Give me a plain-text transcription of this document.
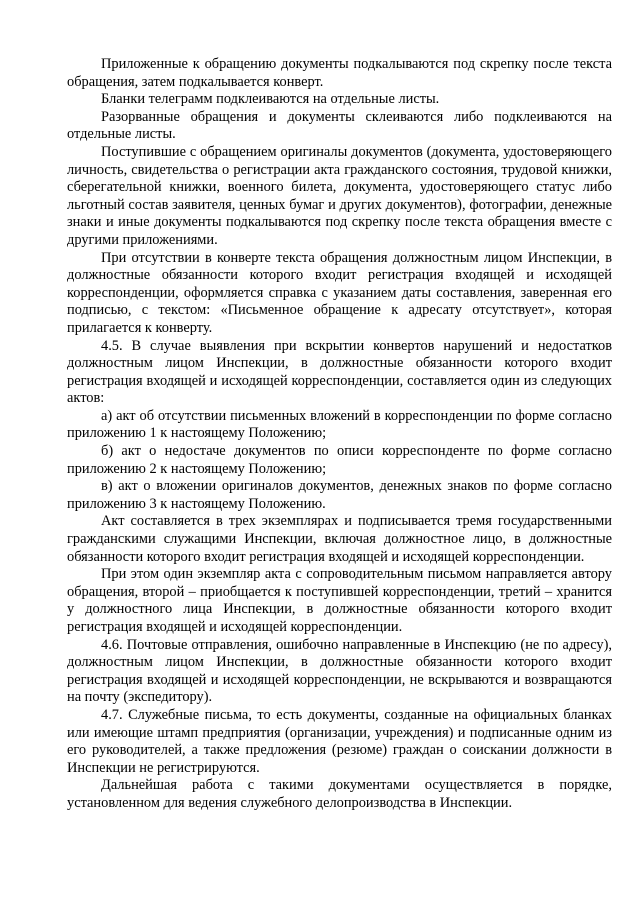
Приложенные к обращению документы подкалываются под скрепку после текста обращения, затем подкалывается конверт.

Бланки телеграмм подклеиваются на отдельные листы.

Разорванные обращения и документы склеиваются либо подклеиваются на отдельные листы.

Поступившие с обращением оригиналы документов (документа, удостоверяющего личность, свидетельства о регистрации акта гражданского состояния, трудовой книжки, сберегательной книжки, военного билета, документа, удостоверяющего статус либо льготный состав заявителя, ценных бумаг и других документов), фотографии, денежные знаки и иные документы подкалываются под скрепку после текста обращения вместе с другими приложениями.

При отсутствии в конверте текста обращения должностным лицом Инспекции, в должностные обязанности которого входит регистрация входящей и исходящей корреспонденции, оформляется справка с указанием даты составления, заверенная его подписью, с текстом: «Письменное обращение к адресату отсутствует», которая прилагается к конверту.

4.5. В случае выявления при вскрытии конвертов нарушений и недостатков должностным лицом Инспекции, в должностные обязанности которого входит регистрация входящей и исходящей корреспонденции, составляется один из следующих актов:

а) акт об отсутствии письменных вложений в корреспонденции по форме согласно приложению 1 к настоящему Положению;

б) акт о недостаче документов по описи корреспонденте по форме согласно приложению 2 к настоящему Положению;

в) акт о вложении оригиналов документов, денежных знаков по форме согласно приложению 3 к настоящему Положению.

Акт составляется в трех экземплярах и подписывается тремя государственными гражданскими служащими Инспекции, включая должностное лицо, в должностные обязанности которого входит регистрация входящей и исходящей корреспонденции.

При этом один экземпляр акта с сопроводительным письмом направляется автору обращения, второй – приобщается к поступившей корреспонденции, третий – хранится у должностного лица Инспекции, в должностные обязанности которого входит регистрация входящей и исходящей корреспонденции.

4.6. Почтовые отправления, ошибочно направленные в Инспекцию (не по адресу), должностным лицом Инспекции, в должностные обязанности которого входит регистрация входящей и исходящей корреспонденции, не вскрываются и возвращаются на почту (экспедитору).

4.7. Служебные письма, то есть документы, созданные на официальных бланках или имеющие штамп предприятия (организации, учреждения) и подписанные одним из его руководителей, а также предложения (резюме) граждан о соискании должности в Инспекции не регистрируются.

Дальнейшая работа с такими документами осуществляется в порядке, установленном для ведения служебного делопроизводства в Инспекции.
